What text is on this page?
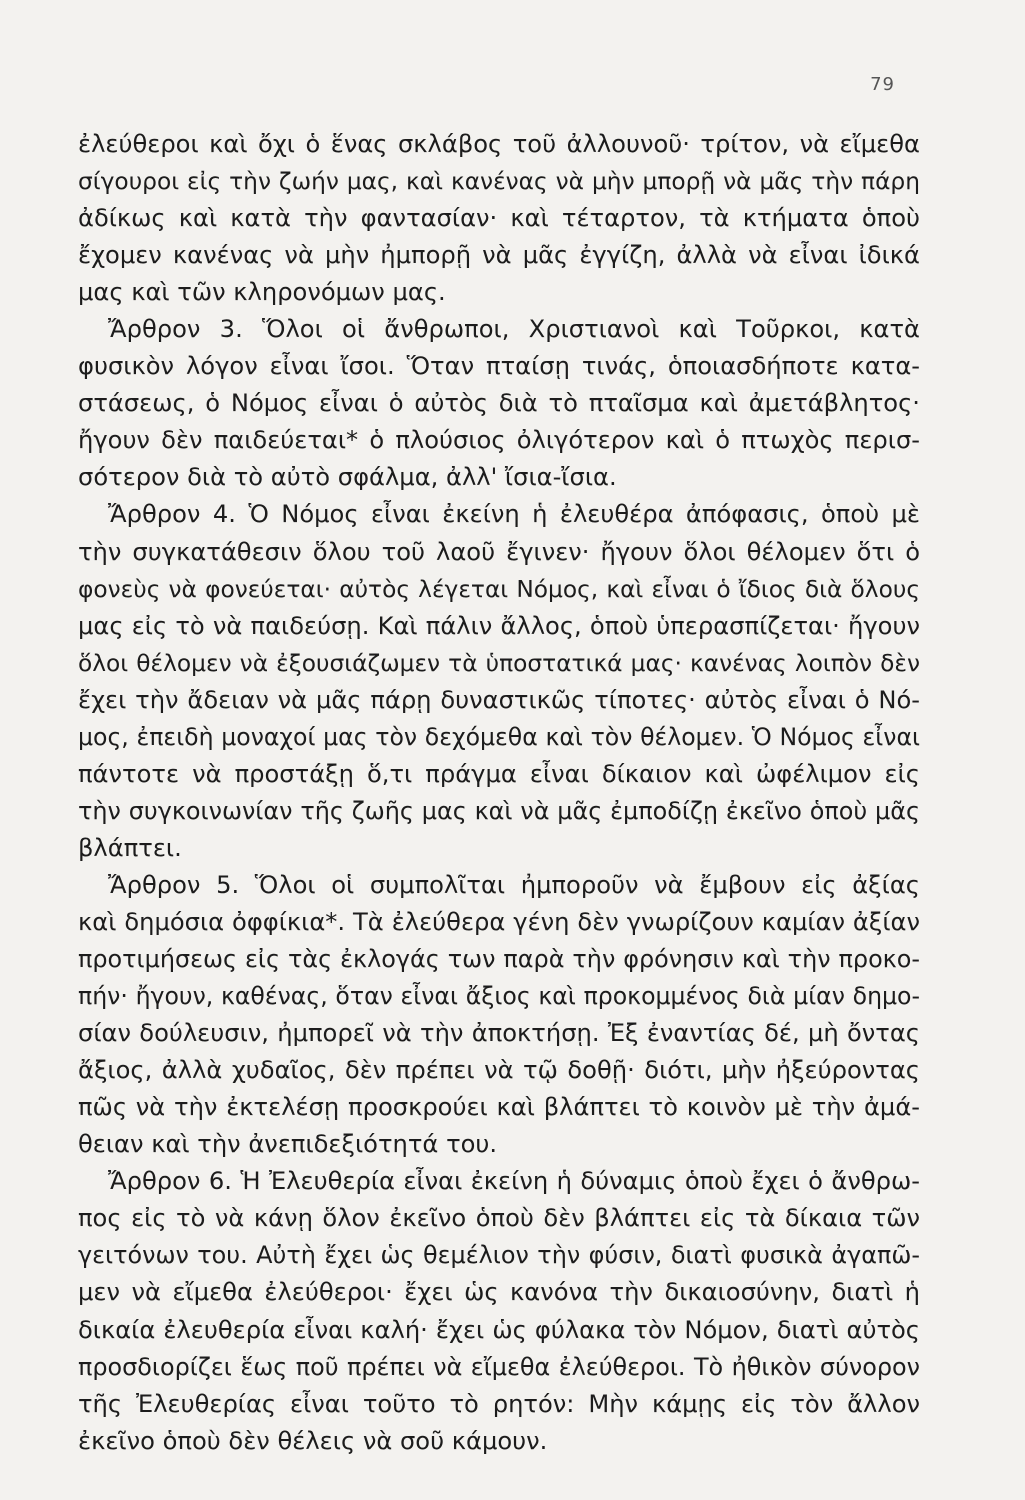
79
ἐλεύθεροι καὶ ὄχι ὁ ἕνας σκλάβος τοῦ ἀλλουνοῦ· τρίτον, νὰ εἴμεθα
σίγουροι εἰς τὴν ζωήν μας, καὶ κανένας νὰ μὴν μπορῇ νὰ μᾶς τὴν πάρη
ἀδίκως καὶ κατὰ τὴν φαντασίαν· καὶ τέταρτον, τὰ κτήματα ὁποὺ
ἔχομεν κανένας νὰ μὴν ἠμπορῇ νὰ μᾶς ἐγγίζη, ἀλλὰ νὰ εἶναι ἰδικά
μας καὶ τῶν κληρονόμων μας.
Ἄρθρον 3. Ὅλοι οἱ ἄνθρωποι, Χριστιανοὶ καὶ Τοῦρκοι, κατὰ
φυσικὸν λόγον εἶναι ἴσοι. Ὅταν πταίσῃ τινάς, ὁποιασδήποτε κατα-
στάσεως, ὁ Νόμος εἶναι ὁ αὐτὸς διὰ τὸ πταῖσμα καὶ ἀμετάβλητος·
ἤγουν δὲν παιδεύεται* ὁ πλούσιος ὀλιγότερον καὶ ὁ πτωχὸς περισ-
σότερον διὰ τὸ αὐτὸ σφάλμα, ἀλλ' ἴσια-ἴσια.
Ἄρθρον 4. Ὁ Νόμος εἶναι ἐκείνη ἡ ἐλευθέρα ἀπόφασις, ὁποὺ μὲ
τὴν συγκατάθεσιν ὅλου τοῦ λαοῦ ἔγινεν· ἤγουν ὅλοι θέλομεν ὅτι ὁ
φονεὺς νὰ φονεύεται· αὐτὸς λέγεται Νόμος, καὶ εἶναι ὁ ἴδιος διὰ ὅλους
μας εἰς τὸ νὰ παιδεύσῃ. Καὶ πάλιν ἄλλος, ὁποὺ ὑπερασπίζεται· ἤγουν
ὅλοι θέλομεν νὰ ἐξουσιάζωμεν τὰ ὑποστατικά μας· κανένας λοιπὸν δὲν
ἔχει τὴν ἄδειαν νὰ μᾶς πάρῃ δυναστικῶς τίποτες· αὐτὸς εἶναι ὁ Νό-
μος, ἐπειδὴ μοναχοί μας τὸν δεχόμεθα καὶ τὸν θέλομεν. Ὁ Νόμος εἶναι
πάντοτε νὰ προστάξῃ ὅ,τι πράγμα εἶναι δίκαιον καὶ ὠφέλιμον εἰς
τὴν συγκοινωνίαν τῆς ζωῆς μας καὶ νὰ μᾶς ἐμποδίζῃ ἐκεῖνο ὁποὺ μᾶς
βλάπτει.
Ἄρθρον 5. Ὅλοι οἱ συμπολῖται ἠμποροῦν νὰ ἔμβουν εἰς ἀξίας
καὶ δημόσια ὀφφίκια*. Τὰ ἐλεύθερα γένη δὲν γνωρίζουν καμίαν ἀξίαν
προτιμήσεως εἰς τὰς ἐκλογάς των παρὰ τὴν φρόνησιν καὶ τὴν προκο-
πήν· ἤγουν, καθένας, ὅταν εἶναι ἄξιος καὶ προκομμένος διὰ μίαν δημο-
σίαν δούλευσιν, ἠμπορεῖ νὰ τὴν ἀποκτήσῃ. Ἐξ ἐναντίας δέ, μὴ ὄντας
ἄξιος, ἀλλὰ χυδαῖος, δὲν πρέπει νὰ τῷ δοθῇ· διότι, μὴν ἠξεύροντας
πῶς νὰ τὴν ἐκτελέσῃ προσκρούει καὶ βλάπτει τὸ κοινὸν μὲ τὴν ἀμά-
θειαν καὶ τὴν ἀνεπιδεξιότητά του.
Ἄρθρον 6. Ἡ Ἐλευθερία εἶναι ἐκείνη ἡ δύναμις ὁποὺ ἔχει ὁ ἄνθρω-
πος εἰς τὸ νὰ κάνῃ ὅλον ἐκεῖνο ὁποὺ δὲν βλάπτει εἰς τὰ δίκαια τῶν
γειτόνων του. Αὐτὴ ἔχει ὡς θεμέλιον τὴν φύσιν, διατὶ φυσικὰ ἀγαπῶ-
μεν νὰ εἴμεθα ἐλεύθεροι· ἔχει ὡς κανόνα τὴν δικαιοσύνην, διατὶ ἡ
δικαία ἐλευθερία εἶναι καλή· ἔχει ὡς φύλακα τὸν Νόμον, διατὶ αὐτὸς
προσδιορίζει ἕως ποῦ πρέπει νὰ εἴμεθα ἐλεύθεροι. Τὸ ἠθικὸν σύνορον
τῆς Ἐλευθερίας εἶναι τοῦτο τὸ ρητόν: Μὴν κάμῃς εἰς τὸν ἄλλον
ἐκεῖνο ὁποὺ δὲν θέλεις νὰ σοῦ κάμουν.
